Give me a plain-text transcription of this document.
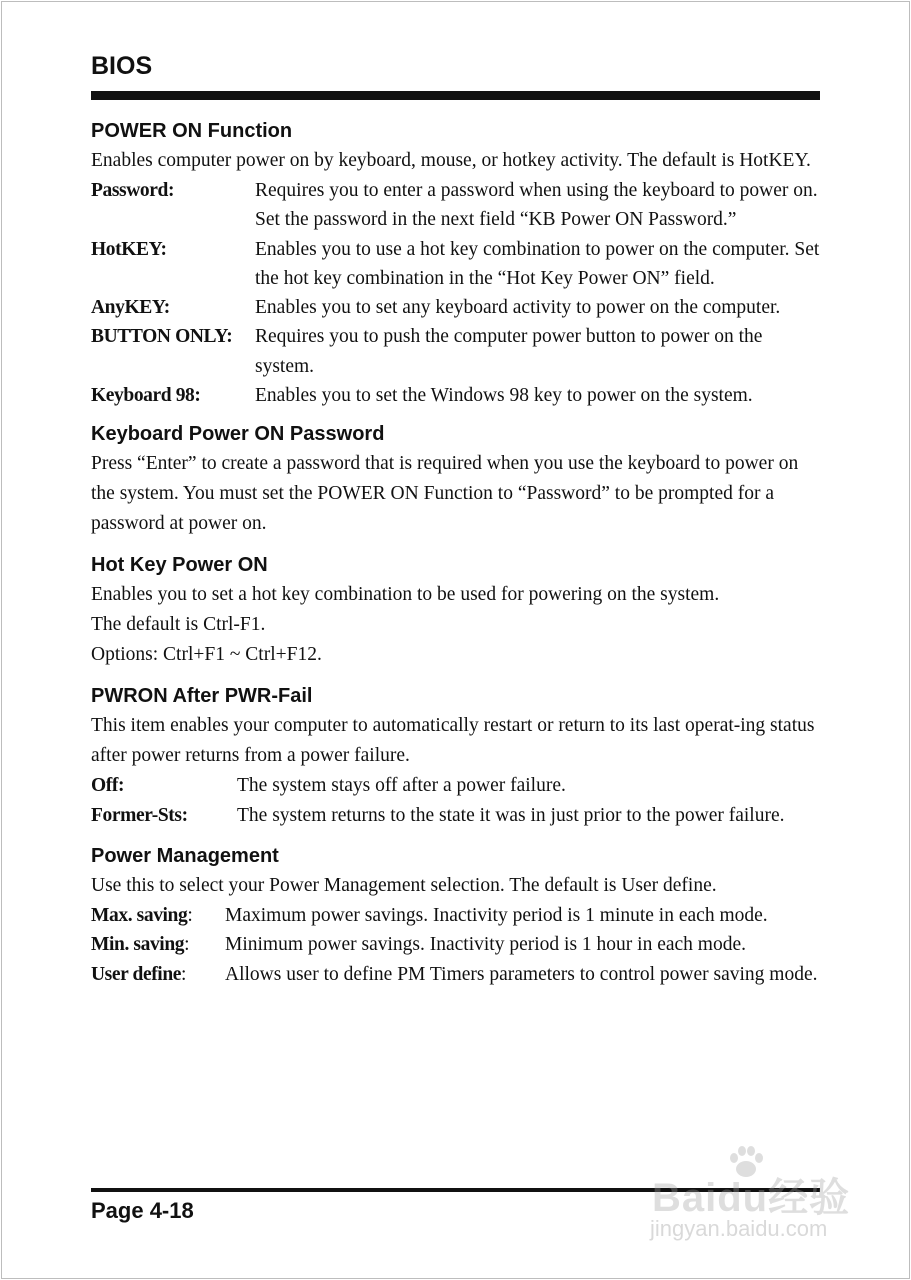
BIOS
POWER ON Function

Enables computer power on by keyboard, mouse, or hotkey activity. The default is HotKEY.

Password:	Requires you to enter a password when using the keyboard to power on. Set the password in the next field “KB Power ON Password.”
HotKEY:	Enables you to use a hot key combination to power on the computer. Set the hot key combination in the “Hot Key Power ON” field.
AnyKEY:	Enables you to set any keyboard activity to power on the computer.
BUTTON ONLY:	Requires you to push the computer power button to power on the system.
Keyboard 98:	Enables you to set the Windows 98 key to power on the system.
Keyboard Power ON Password

Press “Enter” to create a password that is required when you use the keyboard to power on the system. You must set the POWER ON Function to “Password” to be prompted for a password at power on.

Hot Key Power ON

Enables you to set a hot key combination to be used for powering on the system.

The default is Ctrl-F1.

Options: Ctrl+F1 ~ Ctrl+F12.

PWRON After PWR-Fail

This item enables your computer to automatically restart or return to its last operat-ing status after power returns from a power failure.

Off:	The system stays off after a power failure.
Former-Sts:	The system returns to the state it was in just prior to the power failure.
Power Management

Use this to select your Power Management selection. The default is User define.

Max. saving:	Maximum power savings. Inactivity period is 1 minute in each mode.
Min. saving:	Minimum power savings. Inactivity period is 1 hour in each mode.
User define:	Allows user to define PM Timers parameters to control power saving mode.
Page 4-18	Baidu经验
jingyan.baidu.com
